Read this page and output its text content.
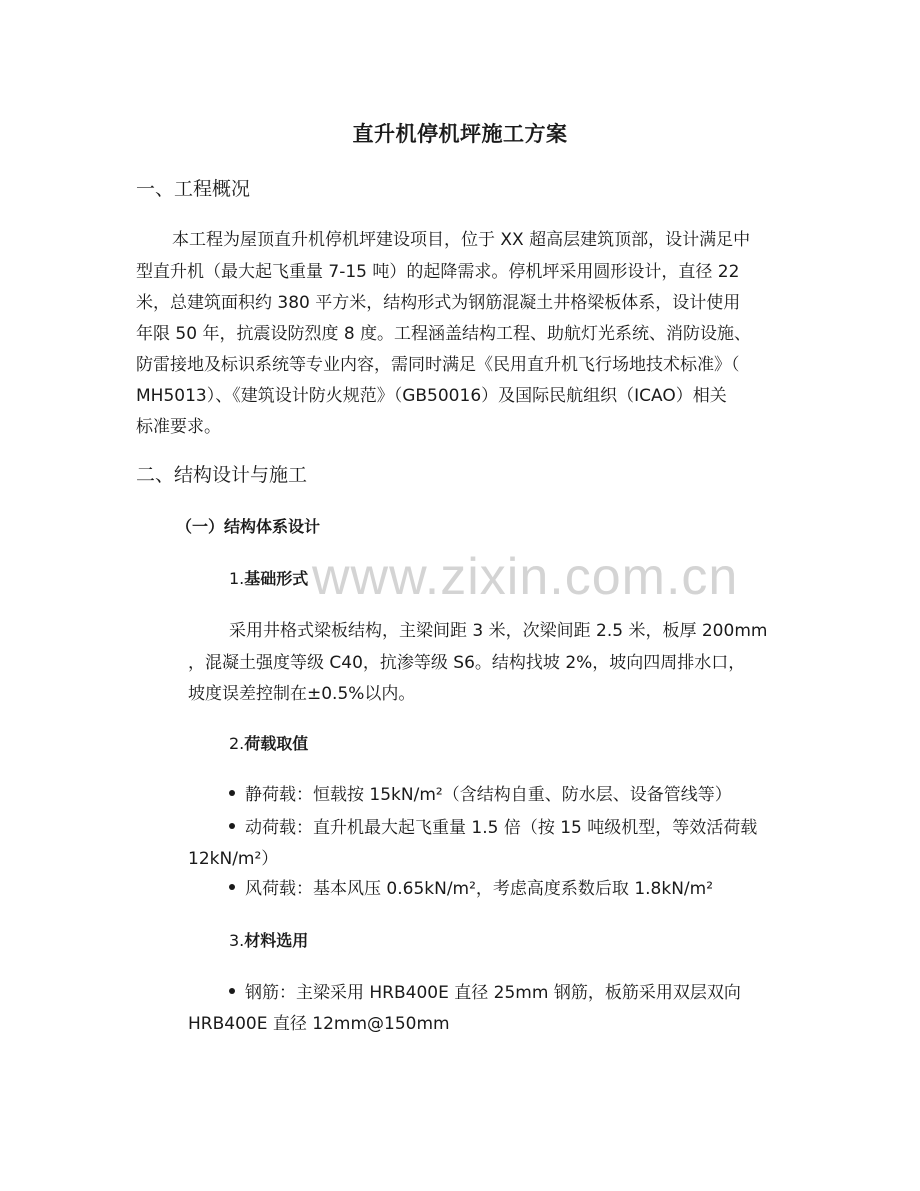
www.zixin.com.cn
直升机停机坪施工方案
一、工程概况
本工程为屋顶直升机停机坪建设项目，位于 XX 超高层建筑顶部，设计满足中
型直升机（最大起飞重量 7-15 吨）的起降需求。停机坪采用圆形设计，直径 22
米，总建筑面积约 380 平方米，结构形式为钢筋混凝土井格梁板体系，设计使用
年限 50 年，抗震设防烈度 8 度。工程涵盖结构工程、助航灯光系统、消防设施、
防雷接地及标识系统等专业内容，需同时满足《民用直升机飞行场地技术标准》（
MH5013）、《建筑设计防火规范》（GB50016）及国际民航组织（ICAO）相关
标准要求。
二、结构设计与施工
（一）结构体系设计
1.基础形式
采用井格式梁板结构，主梁间距 3 米，次梁间距 2.5 米，板厚 200mm
，混凝土强度等级 C40，抗渗等级 S6。结构找坡 2%，坡向四周排水口，
坡度误差控制在±0.5%以内。
2.荷载取值
静荷载：恒载按 15kN/m²（含结构自重、防水层、设备管线等）
动荷载：直升机最大起飞重量 1.5 倍（按 15 吨级机型，等效活荷载
12kN/m²）
风荷载：基本风压 0.65kN/m²，考虑高度系数后取 1.8kN/m²
3.材料选用
钢筋：主梁采用 HRB400E 直径 25mm 钢筋，板筋采用双层双向
HRB400E 直径 12mm@150mm
